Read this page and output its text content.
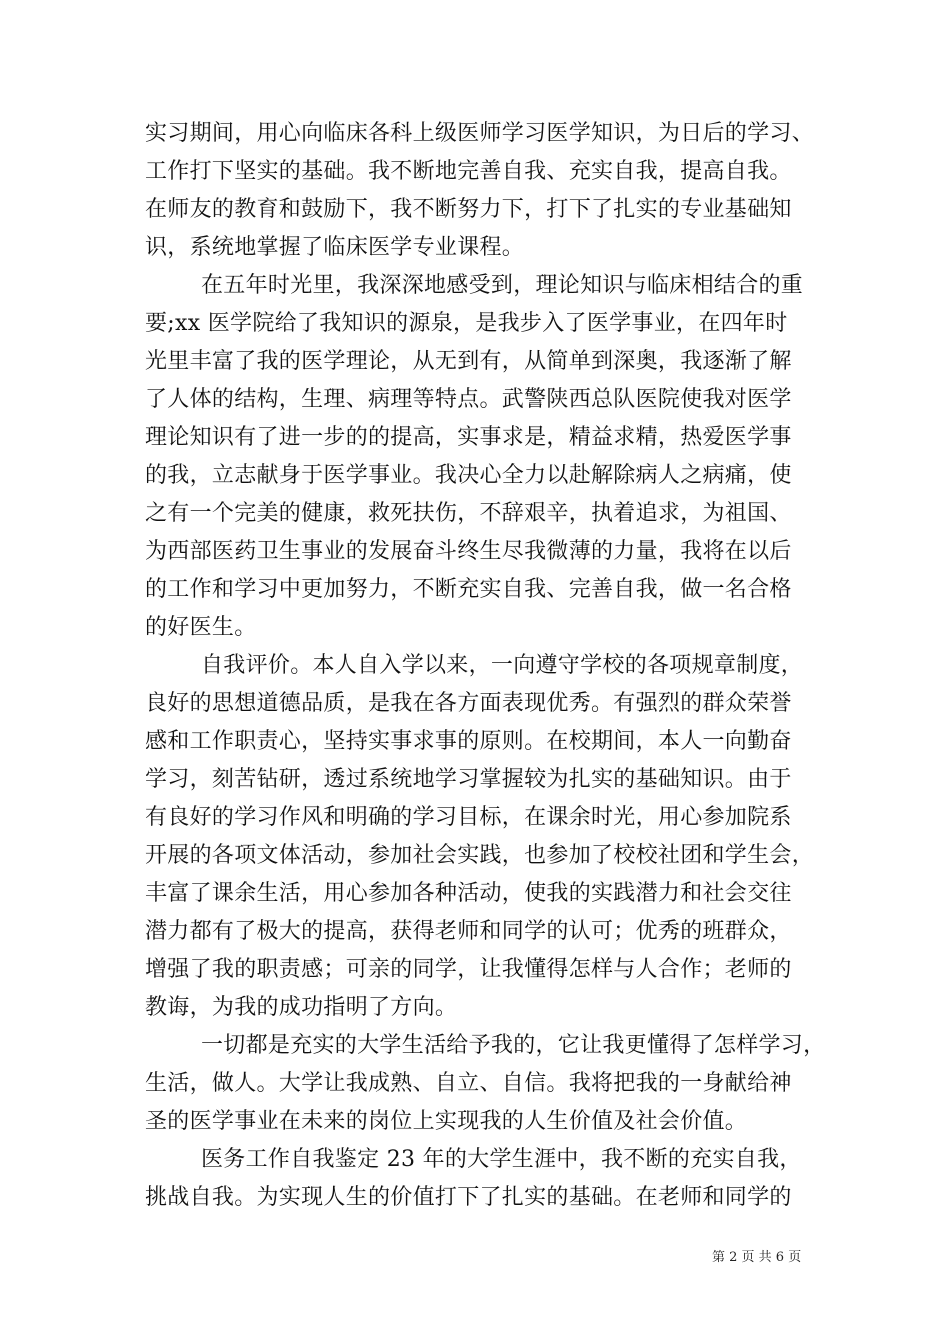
实习期间，用心向临床各科上级医师学习医学知识，为日后的学习、
工作打下坚实的基础。我不断地完善自我、充实自我，提高自我。
在师友的教育和鼓励下，我不断努力下，打下了扎实的专业基础知
识，系统地掌握了临床医学专业课程。
在五年时光里，我深深地感受到，理论知识与临床相结合的重
要;xx 医学院给了我知识的源泉，是我步入了医学事业，在四年时
光里丰富了我的医学理论，从无到有，从简单到深奥，我逐渐了解
了人体的结构，生理、病理等特点。武警陕西总队医院使我对医学
理论知识有了进一步的的提高，实事求是，精益求精，热爱医学事
的我，立志献身于医学事业。我决心全力以赴解除病人之病痛，使
之有一个完美的健康，救死扶伤，不辞艰辛，执着追求，为祖国、
为西部医药卫生事业的发展奋斗终生尽我微薄的力量，我将在以后
的工作和学习中更加努力，不断充实自我、完善自我，做一名合格
的好医生。
自我评价。本人自入学以来，一向遵守学校的各项规章制度，
良好的思想道德品质，是我在各方面表现优秀。有强烈的群众荣誉
感和工作职责心，坚持实事求事的原则。在校期间，本人一向勤奋
学习，刻苦钻研，透过系统地学习掌握较为扎实的基础知识。由于
有良好的学习作风和明确的学习目标，在课余时光，用心参加院系
开展的各项文体活动，参加社会实践，也参加了校校社团和学生会，
丰富了课余生活，用心参加各种活动，使我的实践潜力和社会交往
潜力都有了极大的提高，获得老师和同学的认可；优秀的班群众，
增强了我的职责感；可亲的同学，让我懂得怎样与人合作；老师的
教诲，为我的成功指明了方向。
一切都是充实的大学生活给予我的，它让我更懂得了怎样学习，
生活，做人。大学让我成熟、自立、自信。我将把我的一身献给神
圣的医学事业在未来的岗位上实现我的人生价值及社会价值。
医务工作自我鉴定 23 年的大学生涯中，我不断的充实自我，
挑战自我。为实现人生的价值打下了扎实的基础。在老师和同学的
第 2 页 共 6 页
